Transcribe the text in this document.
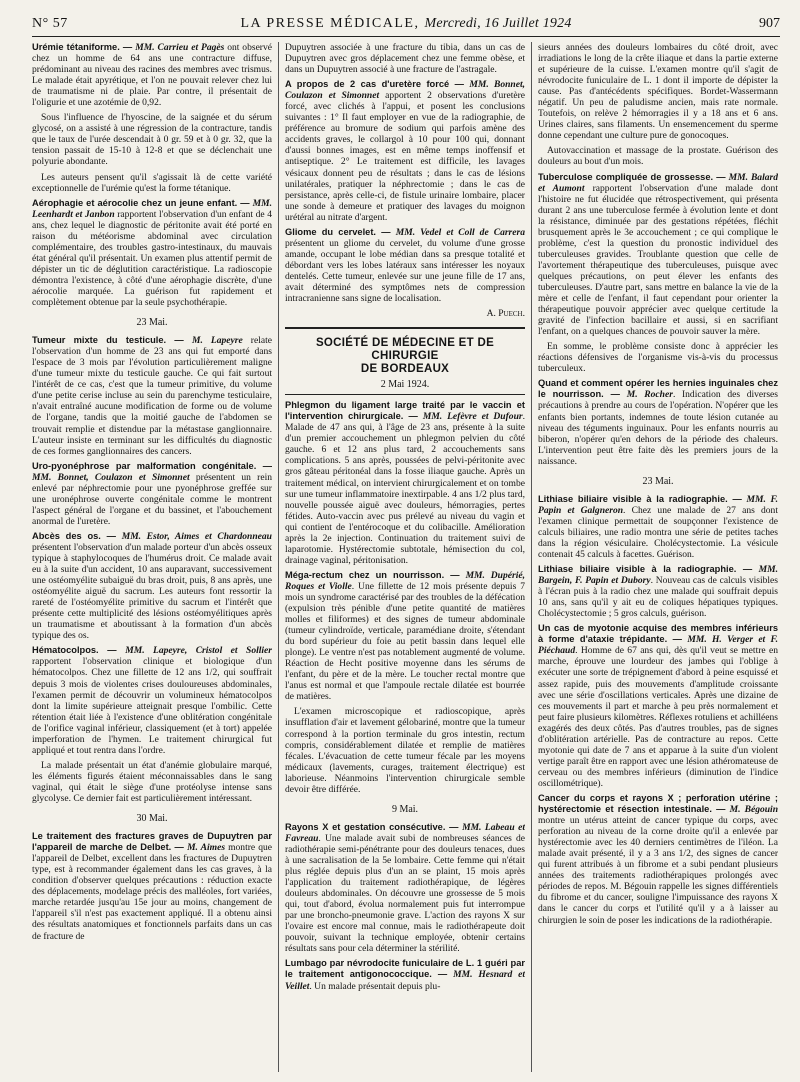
N° 57	LA PRESSE MÉDICALE, Mercredi, 16 Juillet 1924	907

Urémie tétaniforme. — MM. Carrieu et Pagès ont observé chez un homme de 64 ans une contracture diffuse, prédominant au niveau des racines des membres avec trismus. Le malade était apyrétique, et l'on ne pouvait relever chez lui de traumatisme ni de plaie. Par contre, il présentait de l'oligurie et une azotémie de 0,92.

Sous l'influence de l'hyoscine, de la saignée et du sérum glycosé, on a assisté à une régression de la contracture, tandis que le taux de l'urée descendait à 0 gr. 59 et à 0 gr. 32, que la tension passait de 15-10 à 12-8 et que se déclenchait une polyurie abondante.

Les auteurs pensent qu'il s'agissait là de cette variété exceptionnelle de l'urémie qu'est la forme tétanique.

Aérophagie et aérocolie chez un jeune enfant. — MM. Leenhardt et Janbon rapportent l'observation d'un enfant de 4 ans, chez lequel le diagnostic de péritonite avait été porté en raison du météorisme abdominal avec circulation complémentaire, des troubles gastro-intestinaux, du mauvais état général qu'il présentait. Un examen plus attentif permit de dépister un tic de déglutition caractéristique. La radioscopie démontra l'existence, à côté d'une aérophagie discrète, d'une aérocolie marquée. La guérison fut rapidement et complètement obtenue par la seule psychothérapie.

23 Mai.

Tumeur mixte du testicule. — M. Lapeyre relate l'observation d'un homme de 23 ans qui fut emporté dans l'espace de 3 mois par l'évolution particulièrement maligne d'une tumeur mixte du testicule gauche. Ce qui fait surtout l'intérêt de ce cas, c'est que la tumeur primitive, du volume d'une petite cerise incluse au sein du parenchyme testiculaire, n'avait entraîné aucune modification de forme ou de volume de l'organe, tandis que la moitié gauche de l'abdomen se trouvait remplie et distendue par la métastase ganglionnaire. L'auteur insiste en terminant sur les difficultés du diagnostic de ces formes ganglionnaires des cancers.

Uro-pyonéphrose par malformation congénitale. — MM. Bonnet, Coulazon et Simonnet présentent un rein enlevé par néphrectomie pour une pyonéphrose greffée sur une uronéphrose ouverte congénitale comme le montrent l'aspect général de l'organe et du bassinet, et l'abouchement anormal de l'uretère.

Abcès des os. — MM. Estor, Aimes et Chardonneau présentent l'observation d'un malade porteur d'un abcès osseux typique à staphylocoques de l'humérus droit. Ce malade avait eu à la suite d'un accident, 10 ans auparavant, successivement une ostéomyélite subaiguë du bras droit, puis, 8 ans après, une ostéomyélite aiguë du sacrum. Les auteurs font ressortir la rareté de l'ostéomyélite primitive du sacrum et l'intérêt que présente cette multiplicité des lésions ostéomyélitiques après un traumatisme et aboutissant à la formation d'un abcès typique des os.

Hématocolpos. — MM. Lapeyre, Cristol et Sollier rapportent l'observation clinique et biologique d'un hématocolpos. Chez une fillette de 12 ans 1/2, qui souffrait depuis 3 mois de violentes crises douloureuses abdominales, l'examen permit de découvrir un volumineux hématocolpos dont la limite supérieure atteignait presque l'ombilic. Cette rétention était liée à l'existence d'une oblitération congénitale de l'orifice vaginal inférieur, classiquement (et à tort) appelée imperforation de l'hymen. Le traitement chirurgical fut appliqué et tout rentra dans l'ordre.

La malade présentait un état d'anémie globulaire marqué, les éléments figurés étaient méconnaissables dans le sang vaginal, qui était le siège d'une protéolyse intense sans glycolyse. Ce dernier fait est particulièrement intéressant.

30 Mai.

Le traitement des fractures graves de Dupuytren par l'appareil de marche de Delbet. — M. Aimes montre que l'appareil de Delbet, excellent dans les fractures de Dupuytren type, est à recommander également dans les cas graves, à la condition d'observer quelques précautions : réduction exacte des déplacements, modelage précis des malléoles, fort variées, marche retardée jusqu'au 15e jour au moins, changement de l'appareil s'il n'est pas exactement appliqué. Il a obtenu ainsi des résultats anatomiques et fonctionnels parfaits dans un cas de fracture de

Dupuytren associée à une fracture du tibia, dans un cas de Dupuytren avec gros déplacement chez une femme obèse, et dans un Dupuytren associé à une fracture de l'astragale.

A propos de 2 cas d'uretère forcé — MM. Bonnet, Coulazon et Simonnet apportent 2 observations d'uretère forcé, avec clichés à l'appui, et posent les conclusions suivantes : 1° Il faut employer en vue de la radiographie, de préférence au bromure de sodium qui parfois amène des accidents graves, le collargol à 10 pour 100 qui, donnant d'aussi bonnes images, est en même temps inoffensif et antiseptique. 2° Le traitement est difficile, les lavages vésicaux donnent peu de résultats ; dans le cas de lésions unilatérales, pratiquer la néphrectomie ; dans le cas de persistance, après celle-ci, de fistule urinaire lombaire, placer une sonde à demeure et pratiquer des lavages du moignon urétéral au nitrate d'argent.

Gliome du cervelet. — MM. Vedel et Coll de Carrera présentent un gliome du cervelet, du volume d'une grosse amande, occupant le lobe médian dans sa presque totalité et débordant vers les lobes latéraux sans intéresser les noyaux dentelés. Cette tumeur, enlevée sur une jeune fille de 17 ans, avait déterminé des symptômes nets de compression intracranienne sans signe de localisation.

A. Puech.
SOCIÉTÉ DE MÉDECINE ET DE CHIRURGIE
DE BORDEAUX
2 Mai 1924.

Phlegmon du ligament large traité par le vaccin et l'intervention chirurgicale. — MM. Lefèvre et Dufour. Malade de 47 ans qui, à l'âge de 23 ans, présente à la suite d'un premier accouchement un phlegmon pelvien du côté gauche. 6 et 12 ans plus tard, 2 accouchements sans complications. 5 ans après, poussées de pelvi-péritonite avec gros gâteau péritonéal dans la fosse iliaque gauche. Après un traitement médical, on intervient chirurgicalement et on tombe sur une tumeur inflammatoire inextirpable. 4 ans 1/2 plus tard, nouvelle poussée aiguë avec douleurs, hémorragies, pertes fétides. Auto-vaccin avec pus prélevé au niveau du vagin et qui contient de l'entérocoque et du colibacille. Amélioration après la 2e injection. Continuation du traitement suivi de laparotomie. Hystérectomie subtotale, hémisection du col, drainage vaginal, péritonisation.

Méga-rectum chez un nourrisson. — MM. Dupérié, Roques et Violle. Une fillette de 12 mois présente depuis 7 mois un syndrome caractérisé par des troubles de la défécation (expulsion très pénible d'une petite quantité de matières molles et filiformes) et des signes de tumeur abdominale (tumeur cylindroïde, verticale, paramédiane droite, s'étendant du bord supérieur du foie au petit bassin dans lequel elle plonge). Le ventre n'est pas notablement augmenté de volume. Réaction de Hecht positive moyenne dans les sérums de l'enfant, du père et de la mère. Le toucher rectal montre que l'anus est normal et que l'ampoule rectale dilatée est bourrée de matières.

L'examen microscopique et radioscopique, après insufflation d'air et lavement gélobariné, montre que la tumeur correspond à la portion terminale du gros intestin, rectum compris, considérablement dilatée et remplie de matières fécales. L'évacuation de cette tumeur fécale par les moyens médicaux (lavements, curages, traitement électrique) est laborieuse. Néanmoins l'intervention chirurgicale semble devoir être différée.

9 Mai.

Rayons X et gestation consécutive. — MM. Labeau et Favreau. Une malade avait subi de nombreuses séances de radiothérapie semi-pénétrante pour des douleurs tenaces, dues à une sacralisation de la 5e lombaire. Cette femme qui n'était plus réglée depuis plus d'un an se plaint, 15 mois après l'application du traitement radiothérapique, de légères douleurs abdominales. On découvre une grossesse de 5 mois qui, tout d'abord, évolua normalement puis fut interrompue par une broncho-pneumonie grave. L'action des rayons X sur l'ovaire est encore mal connue, mais le radiothérapeute doit pouvoir, suivant la technique employée, obtenir certains résultats sans pour cela déterminer la stérilité.

Lumbago par névrodocite funiculaire de L. 1 guéri par le traitement antigonococcique. — MM. Hesnard et Veillet. Un malade présentait depuis plu-

sieurs années des douleurs lombaires du côté droit, avec irradiations le long de la crête iliaque et dans la partie externe et supérieure de la cuisse. L'examen montre qu'il s'agit de névrodocite funiculaire de L. 1 dont il importe de dépister la cause. Pas d'antécédents spécifiques. Bordet-Wassermann négatif. Un peu de paludisme ancien, mais rate normale. Toutefois, on relève 2 hémorragies il y a 18 ans et 6 ans. Urines claires, sans filaments. Un ensemencement du sperme donne cependant une culture pure de gonocoques.

Autovaccination et massage de la prostate. Guérison des douleurs au bout d'un mois.

Tuberculose compliquée de grossesse. — MM. Balard et Aumont rapportent l'observation d'une malade dont l'histoire ne fut élucidée que rétrospectivement, qui présenta durant 2 ans une tuberculose fermée à évolution lente et dont la résistance, diminuée par des gestations répétées, fléchit brusquement après le 3e accouchement ; ce qui complique le problème, c'est la question du pronostic individuel des tuberculeuses gravides. Troublante question que celle de l'avortement thérapeutique des tuberculeuses, puisque avec quelques précautions, on peut élever les enfants des tuberculeuses. D'autre part, sans mettre en balance la vie de la mère et celle de l'enfant, il faut cependant pour orienter la thérapeutique pouvoir apprécier avec quelque certitude la gravité de l'infection bacillaire et aussi, si en sacrifiant l'enfant, on a quelques chances de pouvoir sauver la mère.

En somme, le problème consiste donc à apprécier les réactions défensives de l'organisme vis-à-vis du processus tuberculeux.

Quand et comment opérer les hernies inguinales chez le nourrisson. — M. Rocher. Indication des diverses précautions à prendre au cours de l'opération. N'opérer que les enfants bien portants, indemnes de toute lésion cutanée au niveau des téguments inguinaux. Pour les enfants nourris au biberon, n'opérer qu'en dehors de la période des chaleurs. L'intervention peut être faite dès les premiers jours de la naissance.

23 Mai.

Lithiase biliaire visible à la radiographie. — MM. F. Papin et Galgneron. Chez une malade de 27 ans dont l'examen clinique permettait de soupçonner l'existence de calculs biliaires, une radio montra une série de petites taches dans la région vésiculaire. Cholécystectomie. La vésicule contenait 45 calculs à facettes. Guérison.

Lithiase biliaire visible à la radiographie. — MM. Bargein, F. Papin et Dubory. Nouveau cas de calculs visibles à l'écran puis à la radio chez une malade qui souffrait depuis 10 ans, sans qu'il y ait eu de coliques hépatiques typiques. Cholécystectomie ; 5 gros calculs, guérison.

Un cas de myotonie acquise des membres inférieurs à forme d'ataxie trépidante. — MM. H. Verger et F. Piéchaud. Homme de 67 ans qui, dès qu'il veut se mettre en marche, éprouve une lourdeur des jambes qui l'oblige à exécuter une sorte de trépignement d'abord à peine esquissé et assez rapide, puis des mouvements d'amplitude croissante avec une série d'oscillations verticales. Après une dizaine de ces mouvements il part et marche à peu près normalement et peut faire plusieurs kilomètres. Réflexes rotuliens et achilléens exagérés des deux côtés. Pas d'autres troubles, pas de signes d'oblitération artérielle. Pas de contracture au repos. Cette myotonie qui date de 7 ans et apparue à la suite d'un violent vertige paraît être en rapport avec une lésion athéromateuse de cerveau ou des membres inférieurs (diminution de l'indice oscillométrique).

Cancer du corps et rayons X ; perforation utérine ; hystérectomie et résection intestinale. — M. Bégouin montre un utérus atteint de cancer typique du corps, avec perforation au niveau de la corne droite qu'il a enlevée par hystérectomie avec les 40 derniers centimètres de l'iléon. La malade avait présenté, il y a 3 ans 1/2, des signes de cancer qui furent attribués à un fibrome et a subi pendant plusieurs années des traitements radiothérapiques prolongés avec périodes de repos. M. Bégouin rappelle les signes différentiels du fibrome et du cancer, souligne l'impuissance des rayons X dans le cancer du corps et l'utilité qu'il y a à laisser au chirurgien le soin de poser les indications de la radiothérapie.
